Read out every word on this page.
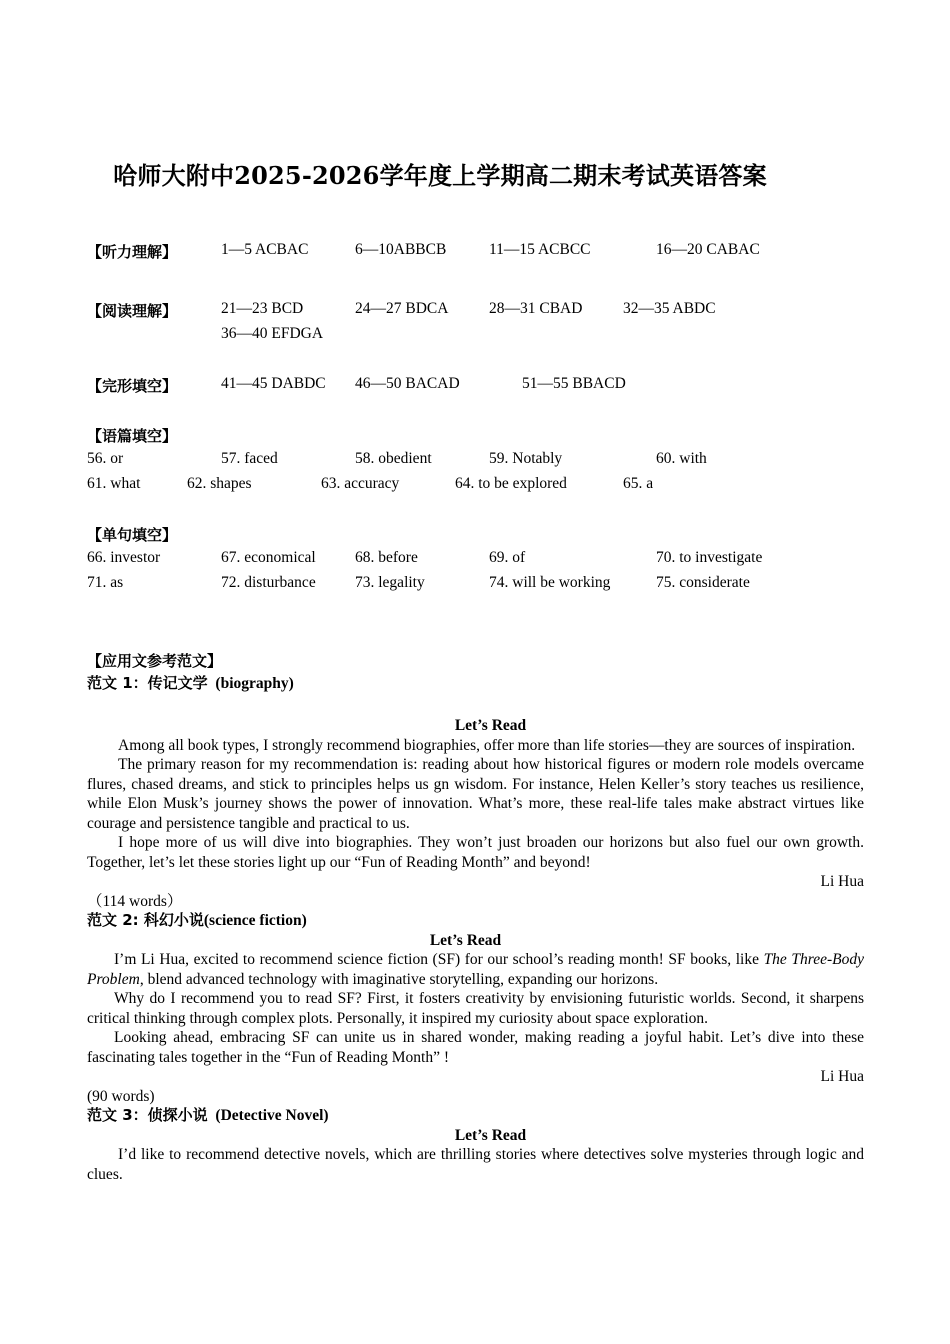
哈师大附中2025-2026学年度上学期高二期末考试英语答案
【听力理解】	1—5 ACBAC	6—10ABBCB	11—15 ACBCC	16—20 CABAC
【阅读理解】	21—23 BCD	24—27 BDCA	28—31 CBAD	32—35 ABDC
36—40 EFDGA
【完形填空】	41—45 DABDC 46—50 BACAD	51—55 BBACD
【语篇填空】
56. or	57. faced	58. obedient	59. Notably	60. with
61. what	62. shapes	63. accuracy	64. to be explored	65. a
【单句填空】
66. investor	67. economical	68. before	69. of	70. to investigate
71. as	72. disturbance	73. legality	74. will be working	75. considerate
【应用文参考范文】
范文 1：传记文学 (biography)
Let’s Read

Among all book types, I strongly recommend biographies, offer more than life stories—they are sources of inspiration.

The primary reason for my recommendation is: reading about how historical figures or modern role models overcame flures, chased dreams, and stick to principles helps us gn wisdom. For instance, Helen Keller’s story teaches us resilience, while Elon Musk’s journey shows the power of innovation. What’s more, these real-life tales make abstract virtues like courage and persistence tangible and practical to us.

I hope more of us will dive into biographies. They won’t just broaden our horizons but also fuel our own growth. Together, let’s let these stories light up our “Fun of Reading Month” and beyond!

Li Hua
（114 words）
范文 2: 科幻小说(science fiction)
Let’s Read

I’m Li Hua, excited to recommend science fiction (SF) for our school’s reading month! SF books, like The Three-Body Problem, blend advanced technology with imaginative storytelling, expanding our horizons.

Why do I recommend you to read SF? First, it fosters creativity by envisioning futuristic worlds. Second, it sharpens critical thinking through complex plots. Personally, it inspired my curiosity about space exploration.

Looking ahead, embracing SF can unite us in shared wonder, making reading a joyful habit. Let’s dive into these fascinating tales together in the “Fun of Reading Month” !

Li Hua
(90 words)
范文 3：侦探小说 (Detective Novel)
Let’s Read

I’d like to recommend detective novels, which are thrilling stories where detectives solve mysteries through logic and clues.
